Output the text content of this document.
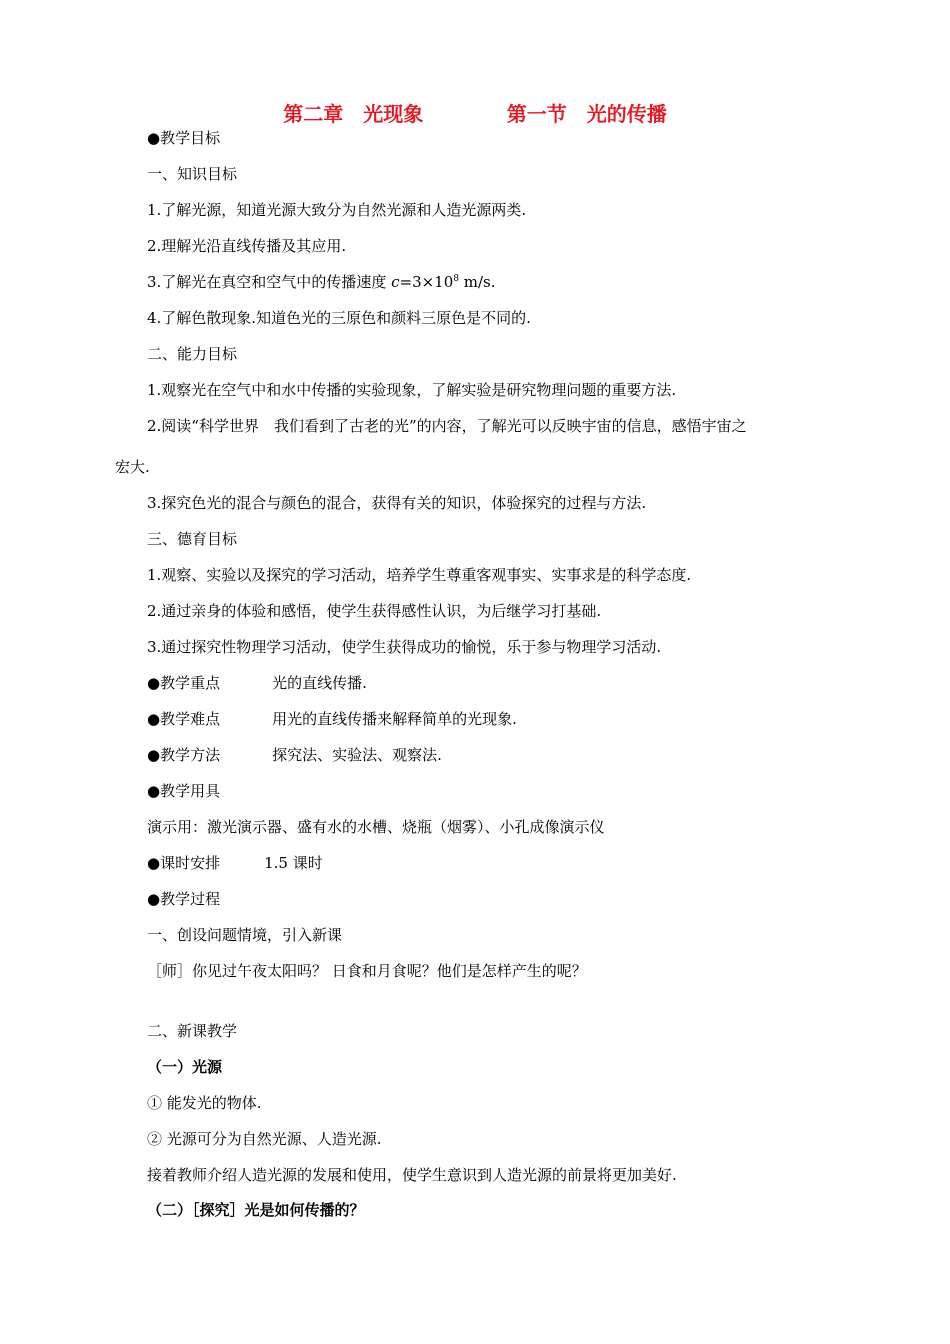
第二章　光现象	第一节　光的传播
●教学目标
一、知识目标
1.了解光源，知道光源大致分为自然光源和人造光源两类.
2.理解光沿直线传播及其应用.
3.了解光在真空和空气中的传播速度 $c=3\times 10^8$ m/s.
4.了解色散现象.知道色光的三原色和颜料三原色是不同的.
二、能力目标
1.观察光在空气中和水中传播的实验现象，了解实验是研究物理问题的重要方法.
2.阅读“科学世界　我们看到了古老的光”的内容，了解光可以反映宇宙的信息，感悟宇宙之
宏大.
3.探究色光的混合与颜色的混合，获得有关的知识，体验探究的过程与方法.
三、德育目标
1.观察、实验以及探究的学习活动，培养学生尊重客观事实、实事求是的科学态度.
2.通过亲身的体验和感悟，使学生获得感性认识，为后继学习打基础.
3.通过探究性物理学习活动，使学生获得成功的愉悦，乐于参与物理学习活动.
●教学重点	光的直线传播.
●教学难点	用光的直线传播来解释简单的光现象.
●教学方法	探究法、实验法、观察法.
●教学用具
演示用：激光演示器、盛有水的水槽、烧瓶（烟雾）、小孔成像演示仪
●课时安排	1.5 课时
●教学过程
一、创设问题情境，引入新课
［师］你见过午夜太阳吗？ 日食和月食呢？他们是怎样产生的呢？
二、新课教学
（一）光源
① 能发光的物体.
② 光源可分为自然光源、人造光源.
接着教师介绍人造光源的发展和使用，使学生意识到人造光源的前景将更加美好.
（二）［探究］光是如何传播的？
